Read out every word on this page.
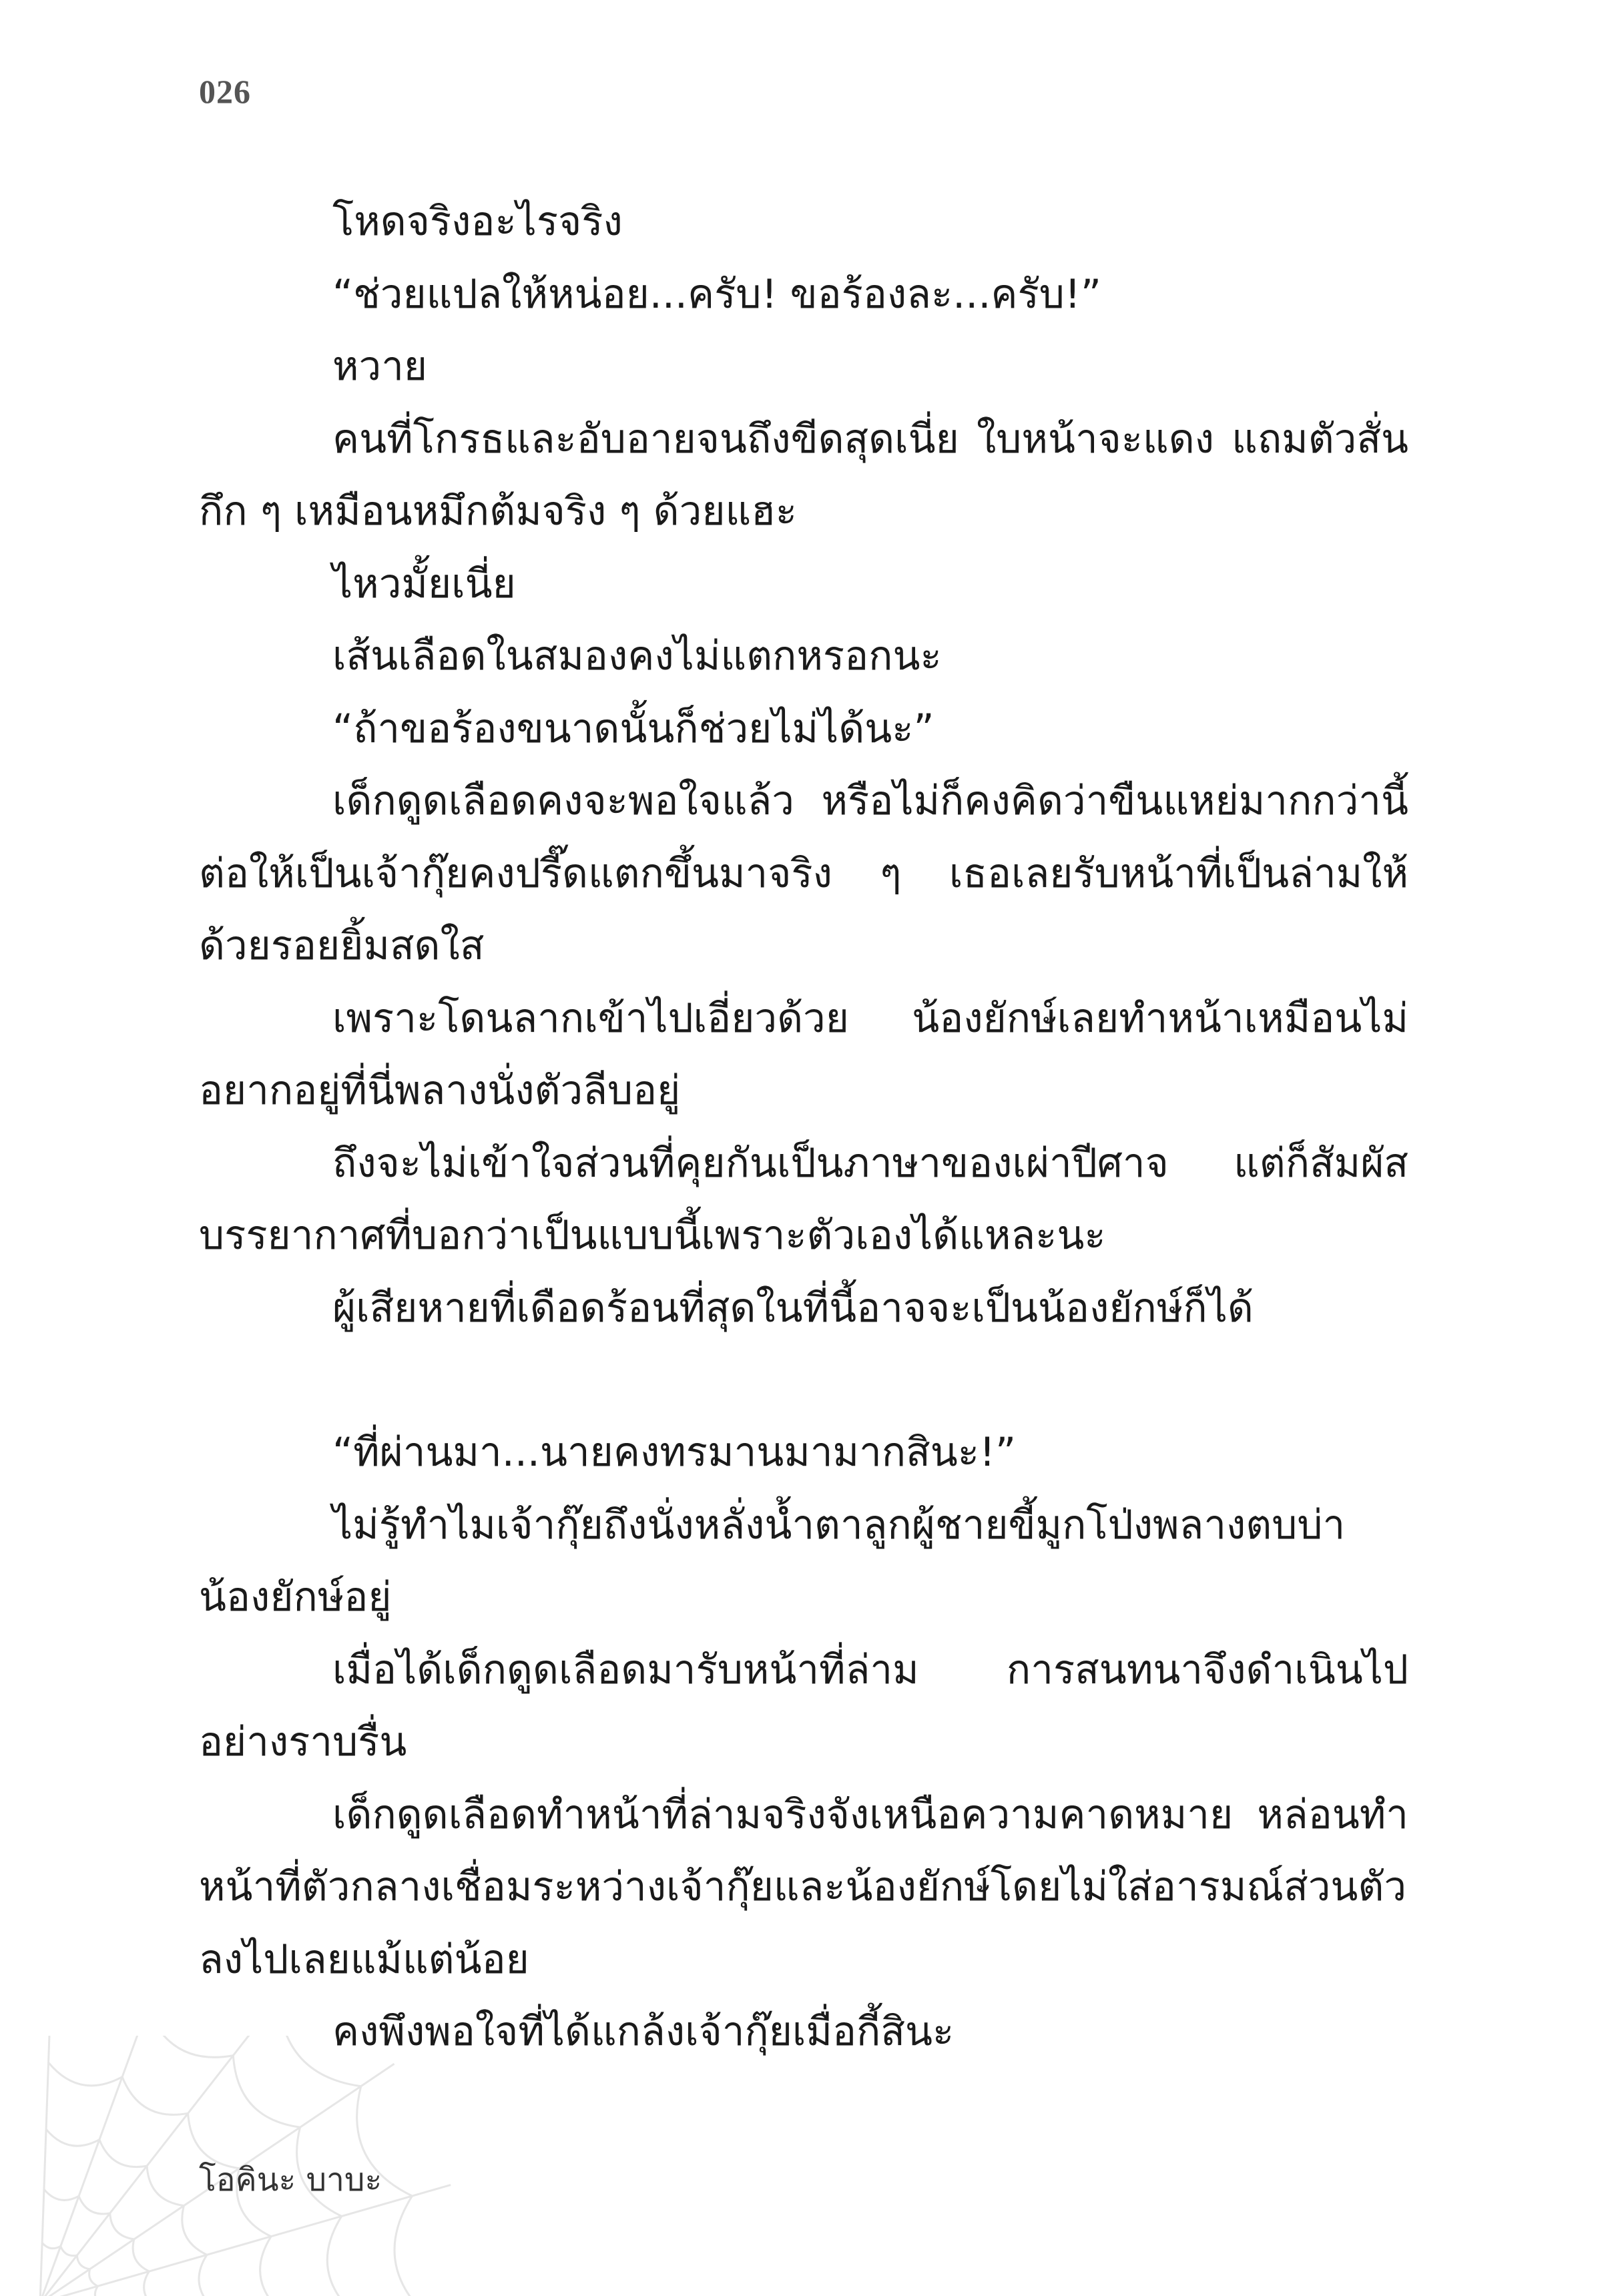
026

โหดจริงอะไรจริง

“ช่วยแปลให้หน่อย...ครับ! ขอร้องละ...ครับ!”

หวาย

คนที่โกรธและอับอายจนถึงขีดสุดเนี่ย ใบหน้าจะแดง แถมตัวสั่นกึก ๆ เหมือนหมึกต้มจริง ๆ ด้วยแฮะ

ไหวมั้ยเนี่ย

เส้นเลือดในสมองคงไม่แตกหรอกนะ

“ถ้าขอร้องขนาดนั้นก็ช่วยไม่ได้นะ”

เด็กดูดเลือดคงจะพอใจแล้ว หรือไม่ก็คงคิดว่าขืนแหย่มากกว่านี้ ต่อให้เป็นเจ้ากุ๊ยคงปรี๊ดแตกขึ้นมาจริง ๆ เธอเลยรับหน้าที่เป็นล่ามให้ด้วยรอยยิ้มสดใส

เพราะโดนลากเข้าไปเอี่ยวด้วย น้องยักษ์เลยทำหน้าเหมือนไม่อยากอยู่ที่นี่พลางนั่งตัวลีบอยู่

ถึงจะไม่เข้าใจส่วนที่คุยกันเป็นภาษาของเผ่าปีศาจ แต่ก็สัมผัสบรรยากาศที่บอกว่าเป็นแบบนี้เพราะตัวเองได้แหละนะ

ผู้เสียหายที่เดือดร้อนที่สุดในที่นี้อาจจะเป็นน้องยักษ์ก็ได้

“ที่ผ่านมา...นายคงทรมานมามากสินะ!”

ไม่รู้ทำไมเจ้ากุ๊ยถึงนั่งหลั่งน้ำตาลูกผู้ชายขี้มูกโป่งพลางตบบ่าน้องยักษ์อยู่

เมื่อได้เด็กดูดเลือดมารับหน้าที่ล่าม การสนทนาจึงดำเนินไปอย่างราบรื่น

เด็กดูดเลือดทำหน้าที่ล่ามจริงจังเหนือความคาดหมาย หล่อนทำหน้าที่ตัวกลางเชื่อมระหว่างเจ้ากุ๊ยและน้องยักษ์โดยไม่ใส่อารมณ์ส่วนตัวลงไปเลยแม้แต่น้อย

คงพึงพอใจที่ได้แกล้งเจ้ากุ๊ยเมื่อกี้สินะ

โอคินะ บาบะ
